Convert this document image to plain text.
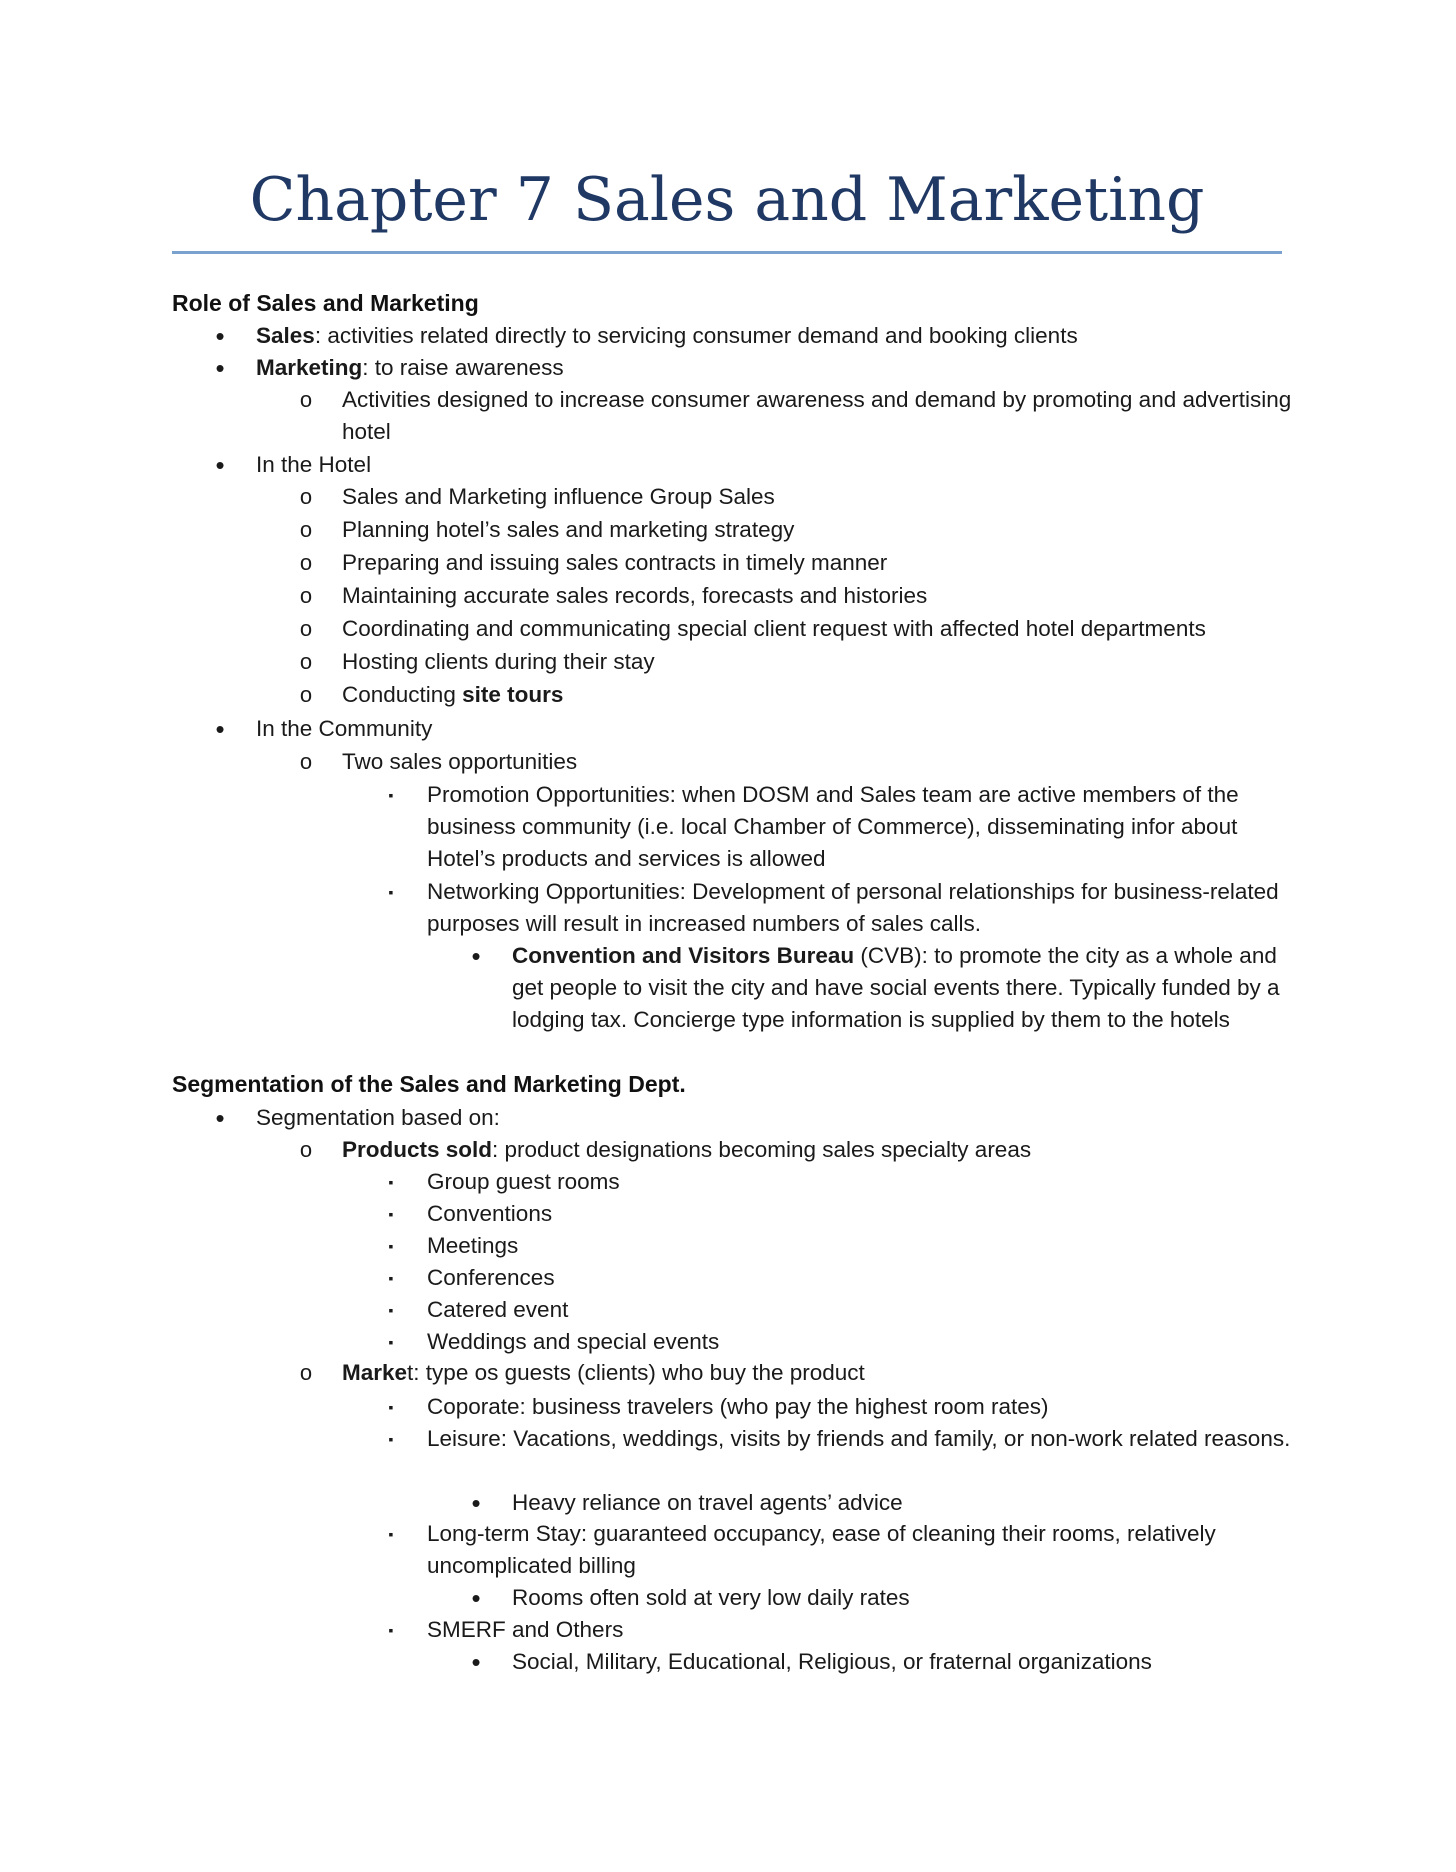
Chapter 7 Sales and Marketing
Role of Sales and Marketing

• Sales: activities related directly to servicing consumer demand and booking clients

• Marketing: to raise awareness

o Activities designed to increase consumer awareness and demand by promoting and advertising hotel

• In the Hotel

o Sales and Marketing influence Group Sales

o Planning hotel’s sales and marketing strategy

o Preparing and issuing sales contracts in timely manner

o Maintaining accurate sales records, forecasts and histories

o Coordinating and communicating special client request with affected hotel departments

o Hosting clients during their stay

o Conducting site tours

• In the Community

o Two sales opportunities

▪	Promotion Opportunities: when DOSM and Sales team are active members of the business community (i.e. local Chamber of Commerce), disseminating infor about Hotel’s products and services is allowed

▪	Networking Opportunities: Development of personal relationships for business-related purposes will result in increased numbers of sales calls.

• Convention and Visitors Bureau (CVB): to promote the city as a whole and get people to visit the city and have social events there. Typically funded by a lodging tax. Concierge type information is supplied by them to the hotels

Segmentation of the Sales and Marketing Dept.

• Segmentation based on:

o Products sold: product designations becoming sales specialty areas

▪	Group guest rooms

▪	Conventions

▪	Meetings

▪	Conferences

▪	Catered event

▪	Weddings and special events

o Market: type os guests (clients) who buy the product

▪	Coporate: business travelers (who pay the highest room rates)

▪	Leisure: Vacations, weddings, visits by friends and family, or non-work related reasons.

• Heavy reliance on travel agents’ advice

▪	Long-term Stay: guaranteed occupancy, ease of cleaning their rooms, relatively uncomplicated billing

• Rooms often sold at very low daily rates

▪	SMERF and Others

• Social, Military, Educational, Religious, or fraternal organizations
